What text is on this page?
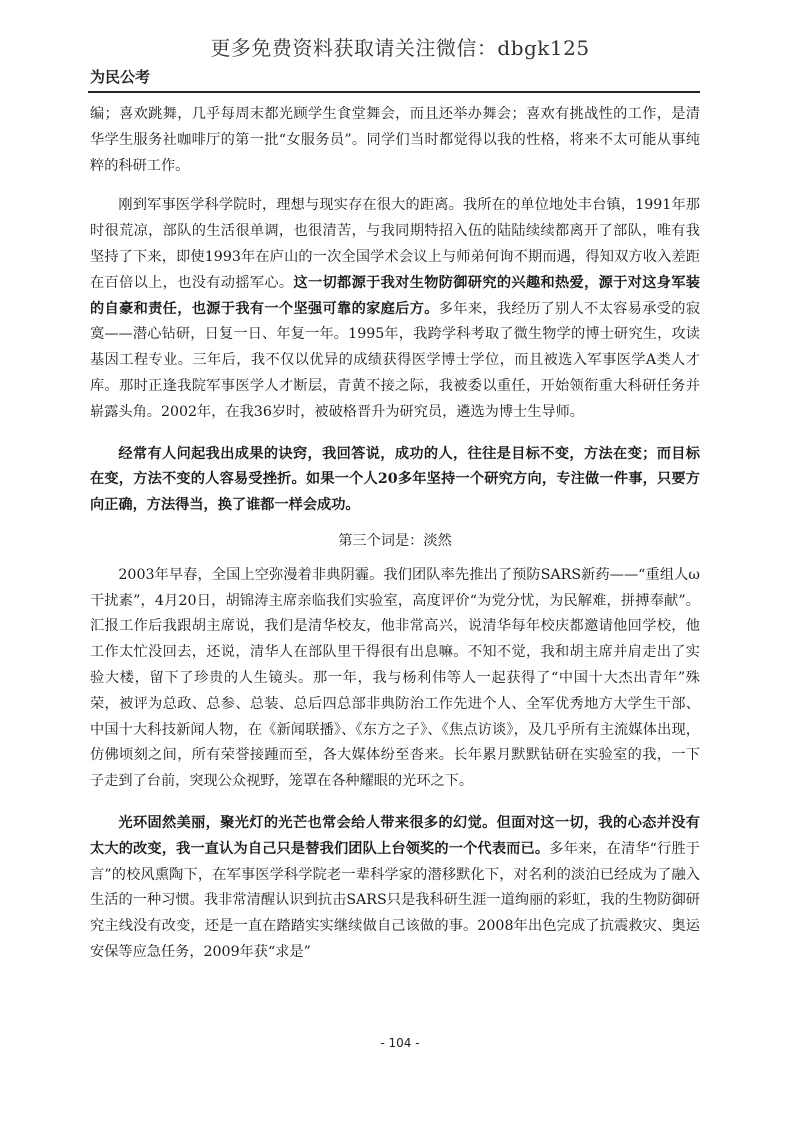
更多免费资料获取请关注微信：dbgk125
为民公考

编；喜欢跳舞，几乎每周末都光顾学生食堂舞会，而且还举办舞会；喜欢有挑战性的工作，是清华学生服务社咖啡厅的第一批“女服务员”。同学们当时都觉得以我的性格，将来不太可能从事纯粹的科研工作。

刚到军事医学科学院时，理想与现实存在很大的距离。我所在的单位地处丰台镇，1991年那时很荒凉，部队的生活很单调，也很清苦，与我同期特招入伍的陆陆续续都离开了部队，唯有我坚持了下来，即使1993年在庐山的一次全国学术会议上与师弟何询不期而遇，得知双方收入差距在百倍以上，也没有动摇军心。这一切都源于我对生物防御研究的兴趣和热爱，源于对这身军装的自豪和责任，也源于我有一个坚强可靠的家庭后方。多年来，我经历了别人不太容易承受的寂寞——潜心钻研，日复一日、年复一年。1995年，我跨学科考取了微生物学的博士研究生，攻读基因工程专业。三年后，我不仅以优异的成绩获得医学博士学位，而且被选入军事医学A类人才库。那时正逢我院军事医学人才断层，青黄不接之际，我被委以重任，开始领衔重大科研任务并崭露头角。2002年，在我36岁时，被破格晋升为研究员，遴选为博士生导师。

经常有人问起我出成果的诀窍，我回答说，成功的人，往往是目标不变，方法在变；而目标在变，方法不变的人容易受挫折。如果一个人20多年坚持一个研究方向，专注做一件事，只要方向正确，方法得当，换了谁都一样会成功。

第三个词是：淡然

2003年早春，全国上空弥漫着非典阴霾。我们团队率先推出了预防SARS新药——“重组人ω干扰素”，4月20日，胡锦涛主席亲临我们实验室，高度评价“为党分忧，为民解难，拼搏奉献”。汇报工作后我跟胡主席说，我们是清华校友，他非常高兴，说清华每年校庆都邀请他回学校，他工作太忙没回去，还说，清华人在部队里干得很有出息嘛。不知不觉，我和胡主席并肩走出了实验大楼，留下了珍贵的人生镜头。那一年，我与杨利伟等人一起获得了“中国十大杰出青年”殊荣，被评为总政、总参、总装、总后四总部非典防治工作先进个人、全军优秀地方大学生干部、中国十大科技新闻人物，在《新闻联播》、《东方之子》、《焦点访谈》，及几乎所有主流媒体出现，仿佛顷刻之间，所有荣誉接踵而至，各大媒体纷至沓来。长年累月默默钻研在实验室的我，一下子走到了台前，突现公众视野，笼罩在各种耀眼的光环之下。

光环固然美丽，聚光灯的光芒也常会给人带来很多的幻觉。但面对这一切，我的心态并没有太大的改变，我一直认为自己只是替我们团队上台领奖的一个代表而已。多年来，在清华“行胜于言”的校风熏陶下，在军事医学科学院老一辈科学家的潜移默化下，对名利的淡泊已经成为了融入生活的一种习惯。我非常清醒认识到抗击SARS只是我科研生涯一道绚丽的彩虹，我的生物防御研究主线没有改变，还是一直在踏踏实实继续做自己该做的事。2008年出色完成了抗震救灾、奥运安保等应急任务，2009年获“求是”

- 104 -
